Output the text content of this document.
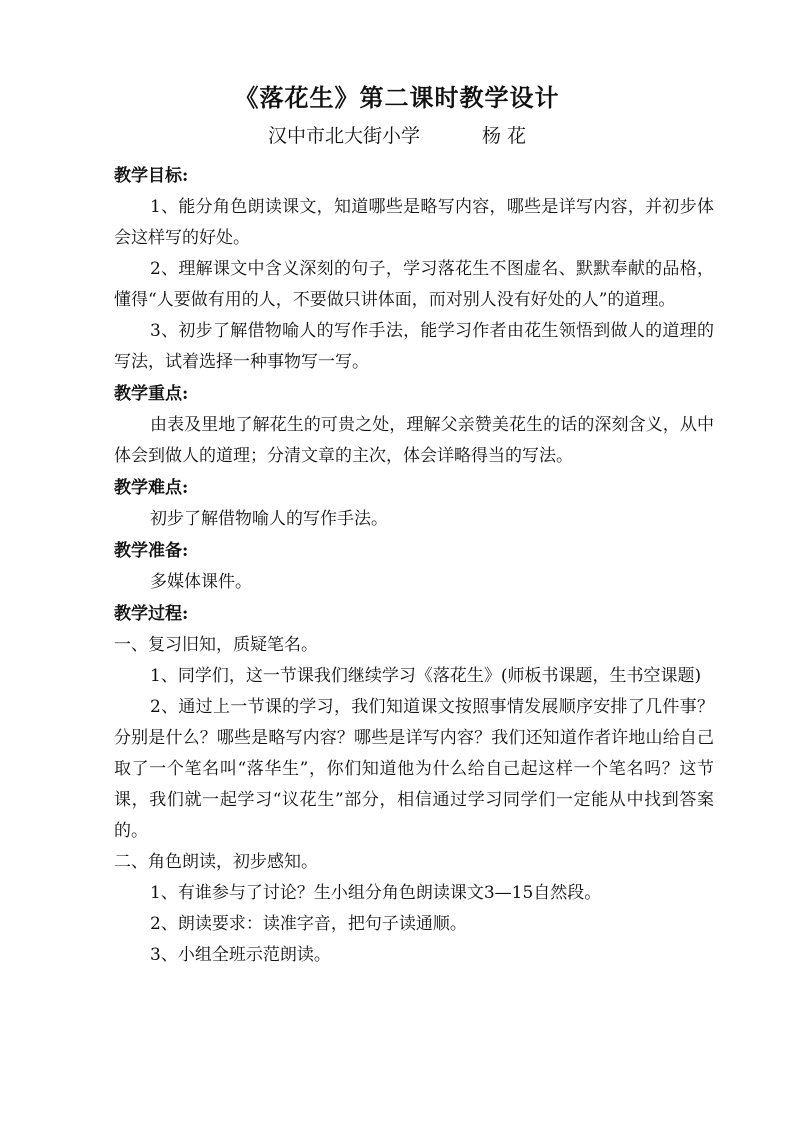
《落花生》第二课时教学设计
汉中市北大街小学	杨 花
教学目标:

1、能分角色朗读课文，知道哪些是略写内容，哪些是详写内容，并初步体会这样写的好处。

2、理解课文中含义深刻的句子，学习落花生不图虚名、默默奉献的品格，懂得“人要做有用的人，不要做只讲体面，而对别人没有好处的人”的道理。

3、初步了解借物喻人的写作手法，能学习作者由花生领悟到做人的道理的写法，试着选择一种事物写一写。

教学重点:

由表及里地了解花生的可贵之处，理解父亲赞美花生的话的深刻含义，从中体会到做人的道理；分清文章的主次，体会详略得当的写法。

教学难点:

初步了解借物喻人的写作手法。

教学准备:

多媒体课件。

教学过程:

一、复习旧知，质疑笔名。

1、同学们，这一节课我们继续学习《落花生》(师板书课题，生书空课题)

2、通过上一节课的学习，我们知道课文按照事情发展顺序安排了几件事？分别是什么？哪些是略写内容？哪些是详写内容？我们还知道作者许地山给自己取了一个笔名叫“落华生”，你们知道他为什么给自己起这样一个笔名吗？这节课，我们就一起学习“议花生”部分，相信通过学习同学们一定能从中找到答案的。

二、角色朗读，初步感知。

1、有谁参与了讨论？生小组分角色朗读课文3—15自然段。

2、朗读要求：读准字音，把句子读通顺。

3、小组全班示范朗读。
